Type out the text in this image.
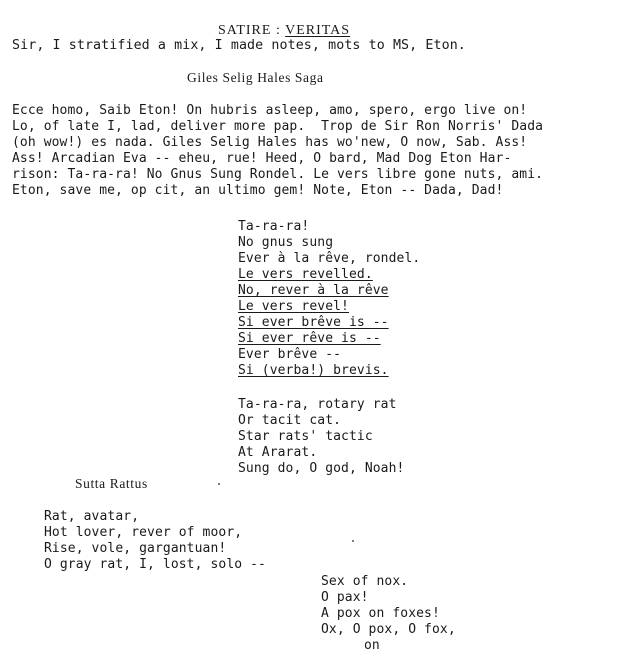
SATIRE : VERITAS

Sir, I stratified a mix, I made notes, mots to MS, Eton.
Giles Selig Hales Saga
Ecce homo, Saib Eton! On hubris asleep, amo, spero, ergo live on!
Lo, of late I, lad, deliver more pap.  Trop de Sir Ron Norris' Dada
(oh wow!) es nada. Giles Selig Hales has wo'new, O now, Sab. Ass!
Ass! Arcadian Eva -- eheu, rue! Heed, O bard, Mad Dog Eton Har-
rison: Ta-ra-ra! No Gnus Sung Rondel. Le vers libre gone nuts, ami.
Eton, save me, op cit, an ultimo gem! Note, Eton -- Dada, Dad!
Ta-ra-ra!
No gnus sung
Ever à la rêve, rondel.
Le vers revelled.
No, rever à la rêve
Le vers revel!
Si ever brêve is --
Si ever rêve is --
Ever brêve --
Si (verba!) brevis.
Ta-ra-ra, rotary rat
Or tacit cat.
Star rats' tactic
At Ararat.
Sung do, O god, Noah!
Sutta Rattus
Rat, avatar,
Hot lover, rever of moor,
Rise, vole, gargantuan!
O gray rat, I, lost, solo --
Sex of nox.
O pax!
A pox on foxes!
Ox, O pox, O fox,
on
